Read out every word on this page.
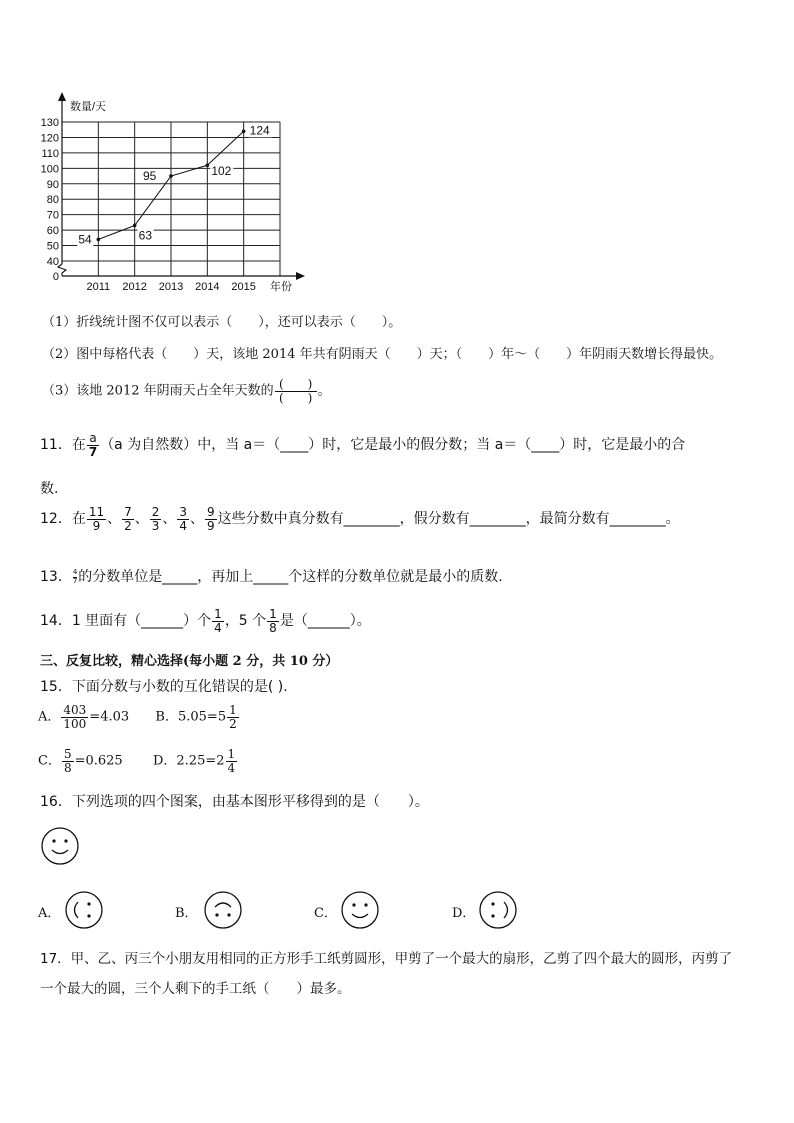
0
40
50
60
70
80
90
100
110
120
130
数量/天
年份
2011 2012 2013 2014 2015
54	63
95	102
124
（1）折线统计图不仅可以表示（　　），还可以表示（　　）。
（2）图中每格代表（　　）天，该地 2014 年共有阴雨天（　　）天；（　　）年～（　　）年阴雨天数增长得最快。
（3）该地 2012 年阴雨天占全年天数的 $\frac{( )}{( )}$ 。
11．在 $\frac{a}{7} (a$ 为自然数）中，当 a＝（____）时，它是最小的假分数；当 a＝（____）时，它是最小的合
数.
12．在 $\frac{11}{9}$ 、 $\frac{7}{2}$ 、 $\frac{2}{3}$ 、 $\frac{3}{4}$ 、 $\frac{9}{9}$ 这些分数中真分数有________，假分数有________，最简分数有________。
13． $\frac{4}{7}$ 的分数单位是_____，再加上_____个这样的分数单位就是最小的质数.
14．1 里面有（______）个 $\frac{1}{4}$ ，5 个 $\frac{1}{8}$ 是（______）。
三、反复比较，精心选择(每小题 2 分，共 10 分）
15．下面分数与小数的互化错误的是( ).
A． $\frac{403}{100} =4.03$ B．$5.05=5 \frac{1}{2}$
C． $\frac{5}{8} =0.625$ D．$2.25=2 \frac{1}{4}$
16．下列选项的四个图案，由基本图形平移得到的是（　　）。
A．	B．	C．	D．
17．甲、乙、丙三个小朋友用相同的正方形手工纸剪圆形，甲剪了一个最大的扇形，乙剪了四个最大的圆形，丙剪了
一个最大的圆，三个人剩下的手工纸（　　）最多。
